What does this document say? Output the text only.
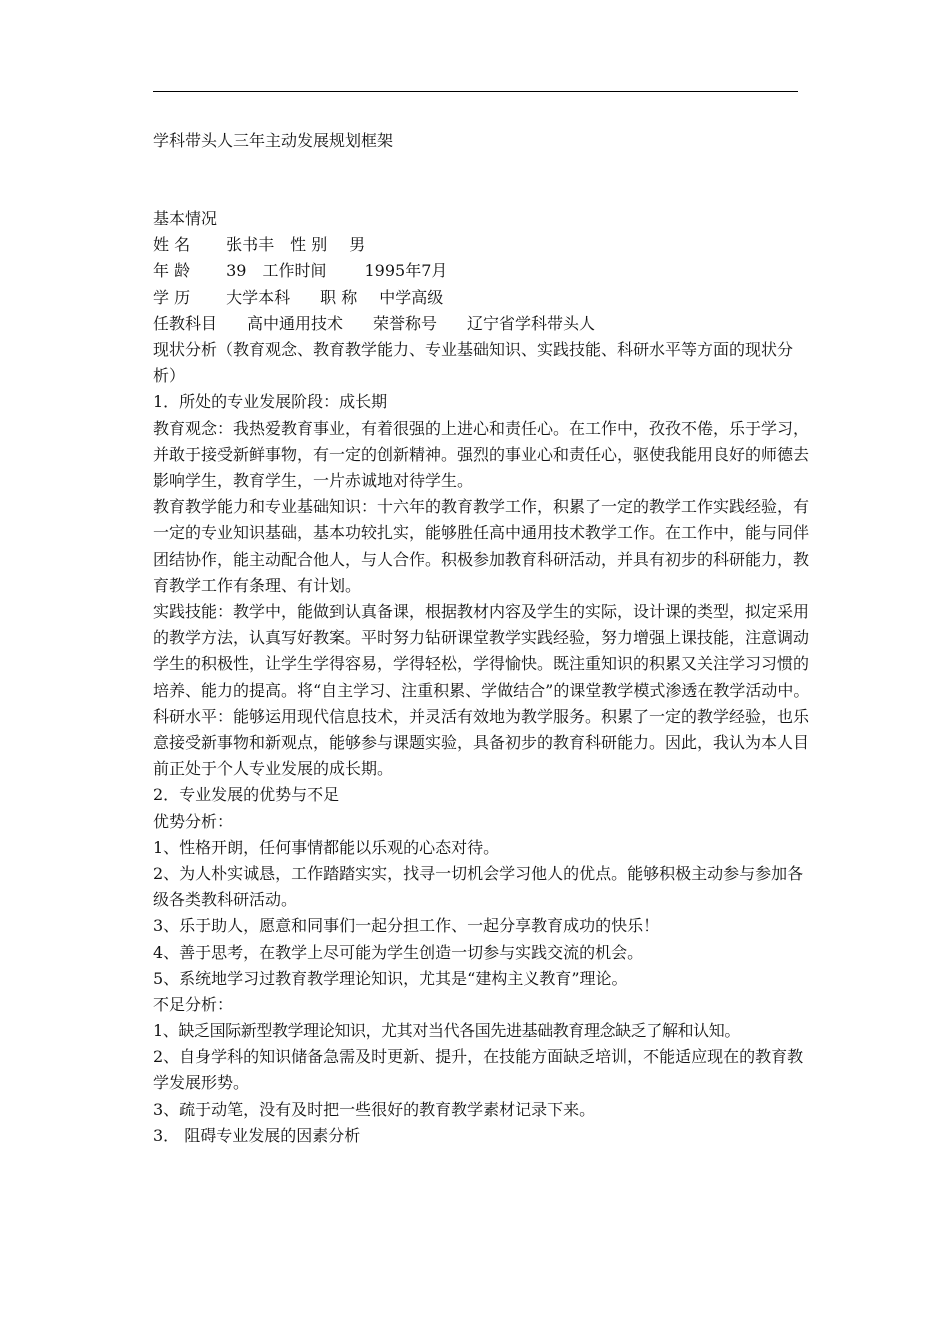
学科带头人三年主动发展规划框架
基本情况
姓 名 张书丰 性 别 男
年 龄 39 工作时间 1995年7月
学 历 大学本科 职 称 中学高级
任教科目 高中通用技术 荣誉称号 辽宁省学科带头人
现状分析（教育观念、教育教学能力、专业基础知识、实践技能、科研水平等方面的现状分析）
1．所处的专业发展阶段：成长期
教育观念：我热爱教育事业，有着很强的上进心和责任心。在工作中，孜孜不倦，乐于学习，并敢于接受新鲜事物，有一定的创新精神。强烈的事业心和责任心，驱使我能用良好的师德去影响学生，教育学生，一片赤诚地对待学生。
教育教学能力和专业基础知识：十六年的教育教学工作，积累了一定的教学工作实践经验，有一定的专业知识基础，基本功较扎实，能够胜任高中通用技术教学工作。在工作中，能与同伴团结协作，能主动配合他人，与人合作。积极参加教育科研活动，并具有初步的科研能力，教育教学工作有条理、有计划。
实践技能：教学中，能做到认真备课，根据教材内容及学生的实际，设计课的类型，拟定采用的教学方法，认真写好教案。平时努力钻研课堂教学实践经验，努力增强上课技能，注意调动学生的积极性，让学生学得容易，学得轻松，学得愉快。既注重知识的积累又关注学习习惯的培养、能力的提高。将“自主学习、注重积累、学做结合”的课堂教学模式渗透在教学活动中。
科研水平：能够运用现代信息技术，并灵活有效地为教学服务。积累了一定的教学经验，也乐意接受新事物和新观点，能够参与课题实验，具备初步的教育科研能力。因此，我认为本人目前正处于个人专业发展的成长期。
2．专业发展的优势与不足
优势分析：
1、性格开朗，任何事情都能以乐观的心态对待。
2、为人朴实诚恳，工作踏踏实实，找寻一切机会学习他人的优点。能够积极主动参与参加各级各类教科研活动。
3、乐于助人，愿意和同事们一起分担工作、一起分享教育成功的快乐！
4、善于思考，在教学上尽可能为学生创造一切参与实践交流的机会。
5、系统地学习过教育教学理论知识，尤其是“建构主义教育”理论。
不足分析：
1、缺乏国际新型教学理论知识，尤其对当代各国先进基础教育理念缺乏了解和认知。
2、自身学科的知识储备急需及时更新、提升，在技能方面缺乏培训，不能适应现在的教育教学发展形势。
3、疏于动笔，没有及时把一些很好的教育教学素材记录下来。
3． 阻碍专业发展的因素分析
